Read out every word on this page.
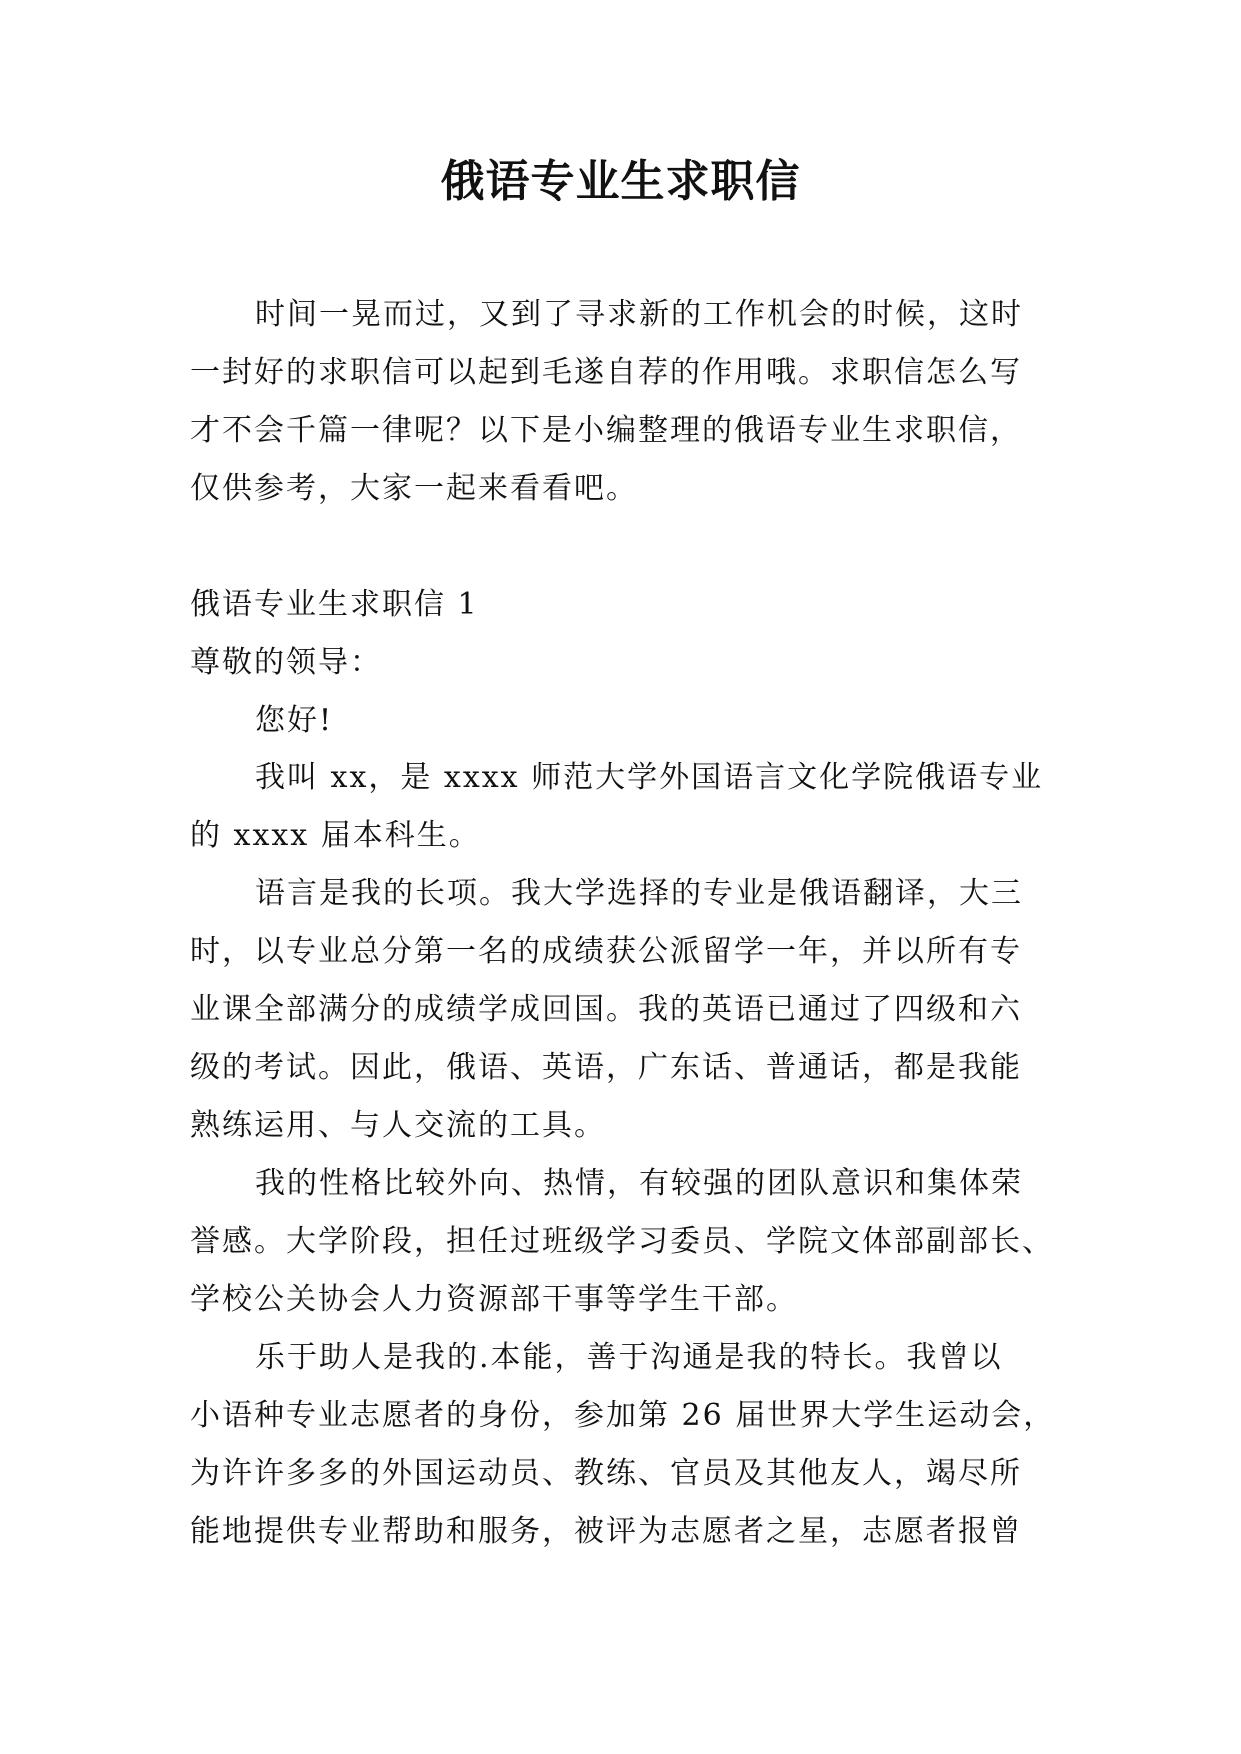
俄语专业生求职信
时间一晃而过，又到了寻求新的工作机会的时候，这时
一封好的求职信可以起到毛遂自荐的作用哦。求职信怎么写
才不会千篇一律呢？以下是小编整理的俄语专业生求职信，
仅供参考，大家一起来看看吧。
俄语专业生求职信 1
尊敬的领导：
您好!
我叫 xx，是 xxxx 师范大学外国语言文化学院俄语专业
的 xxxx 届本科生。
语言是我的长项。我大学选择的专业是俄语翻译，大三
时，以专业总分第一名的成绩获公派留学一年，并以所有专
业课全部满分的成绩学成回国。我的英语已通过了四级和六
级的考试。因此，俄语、英语，广东话、普通话，都是我能
熟练运用、与人交流的工具。
我的性格比较外向、热情，有较强的团队意识和集体荣
誉感。大学阶段，担任过班级学习委员、学院文体部副部长、
学校公关协会人力资源部干事等学生干部。
乐于助人是我的.本能，善于沟通是我的特长。我曾以
小语种专业志愿者的身份，参加第 26 届世界大学生运动会，
为许许多多的外国运动员、教练、官员及其他友人，竭尽所
能地提供专业帮助和服务，被评为志愿者之星，志愿者报曾
